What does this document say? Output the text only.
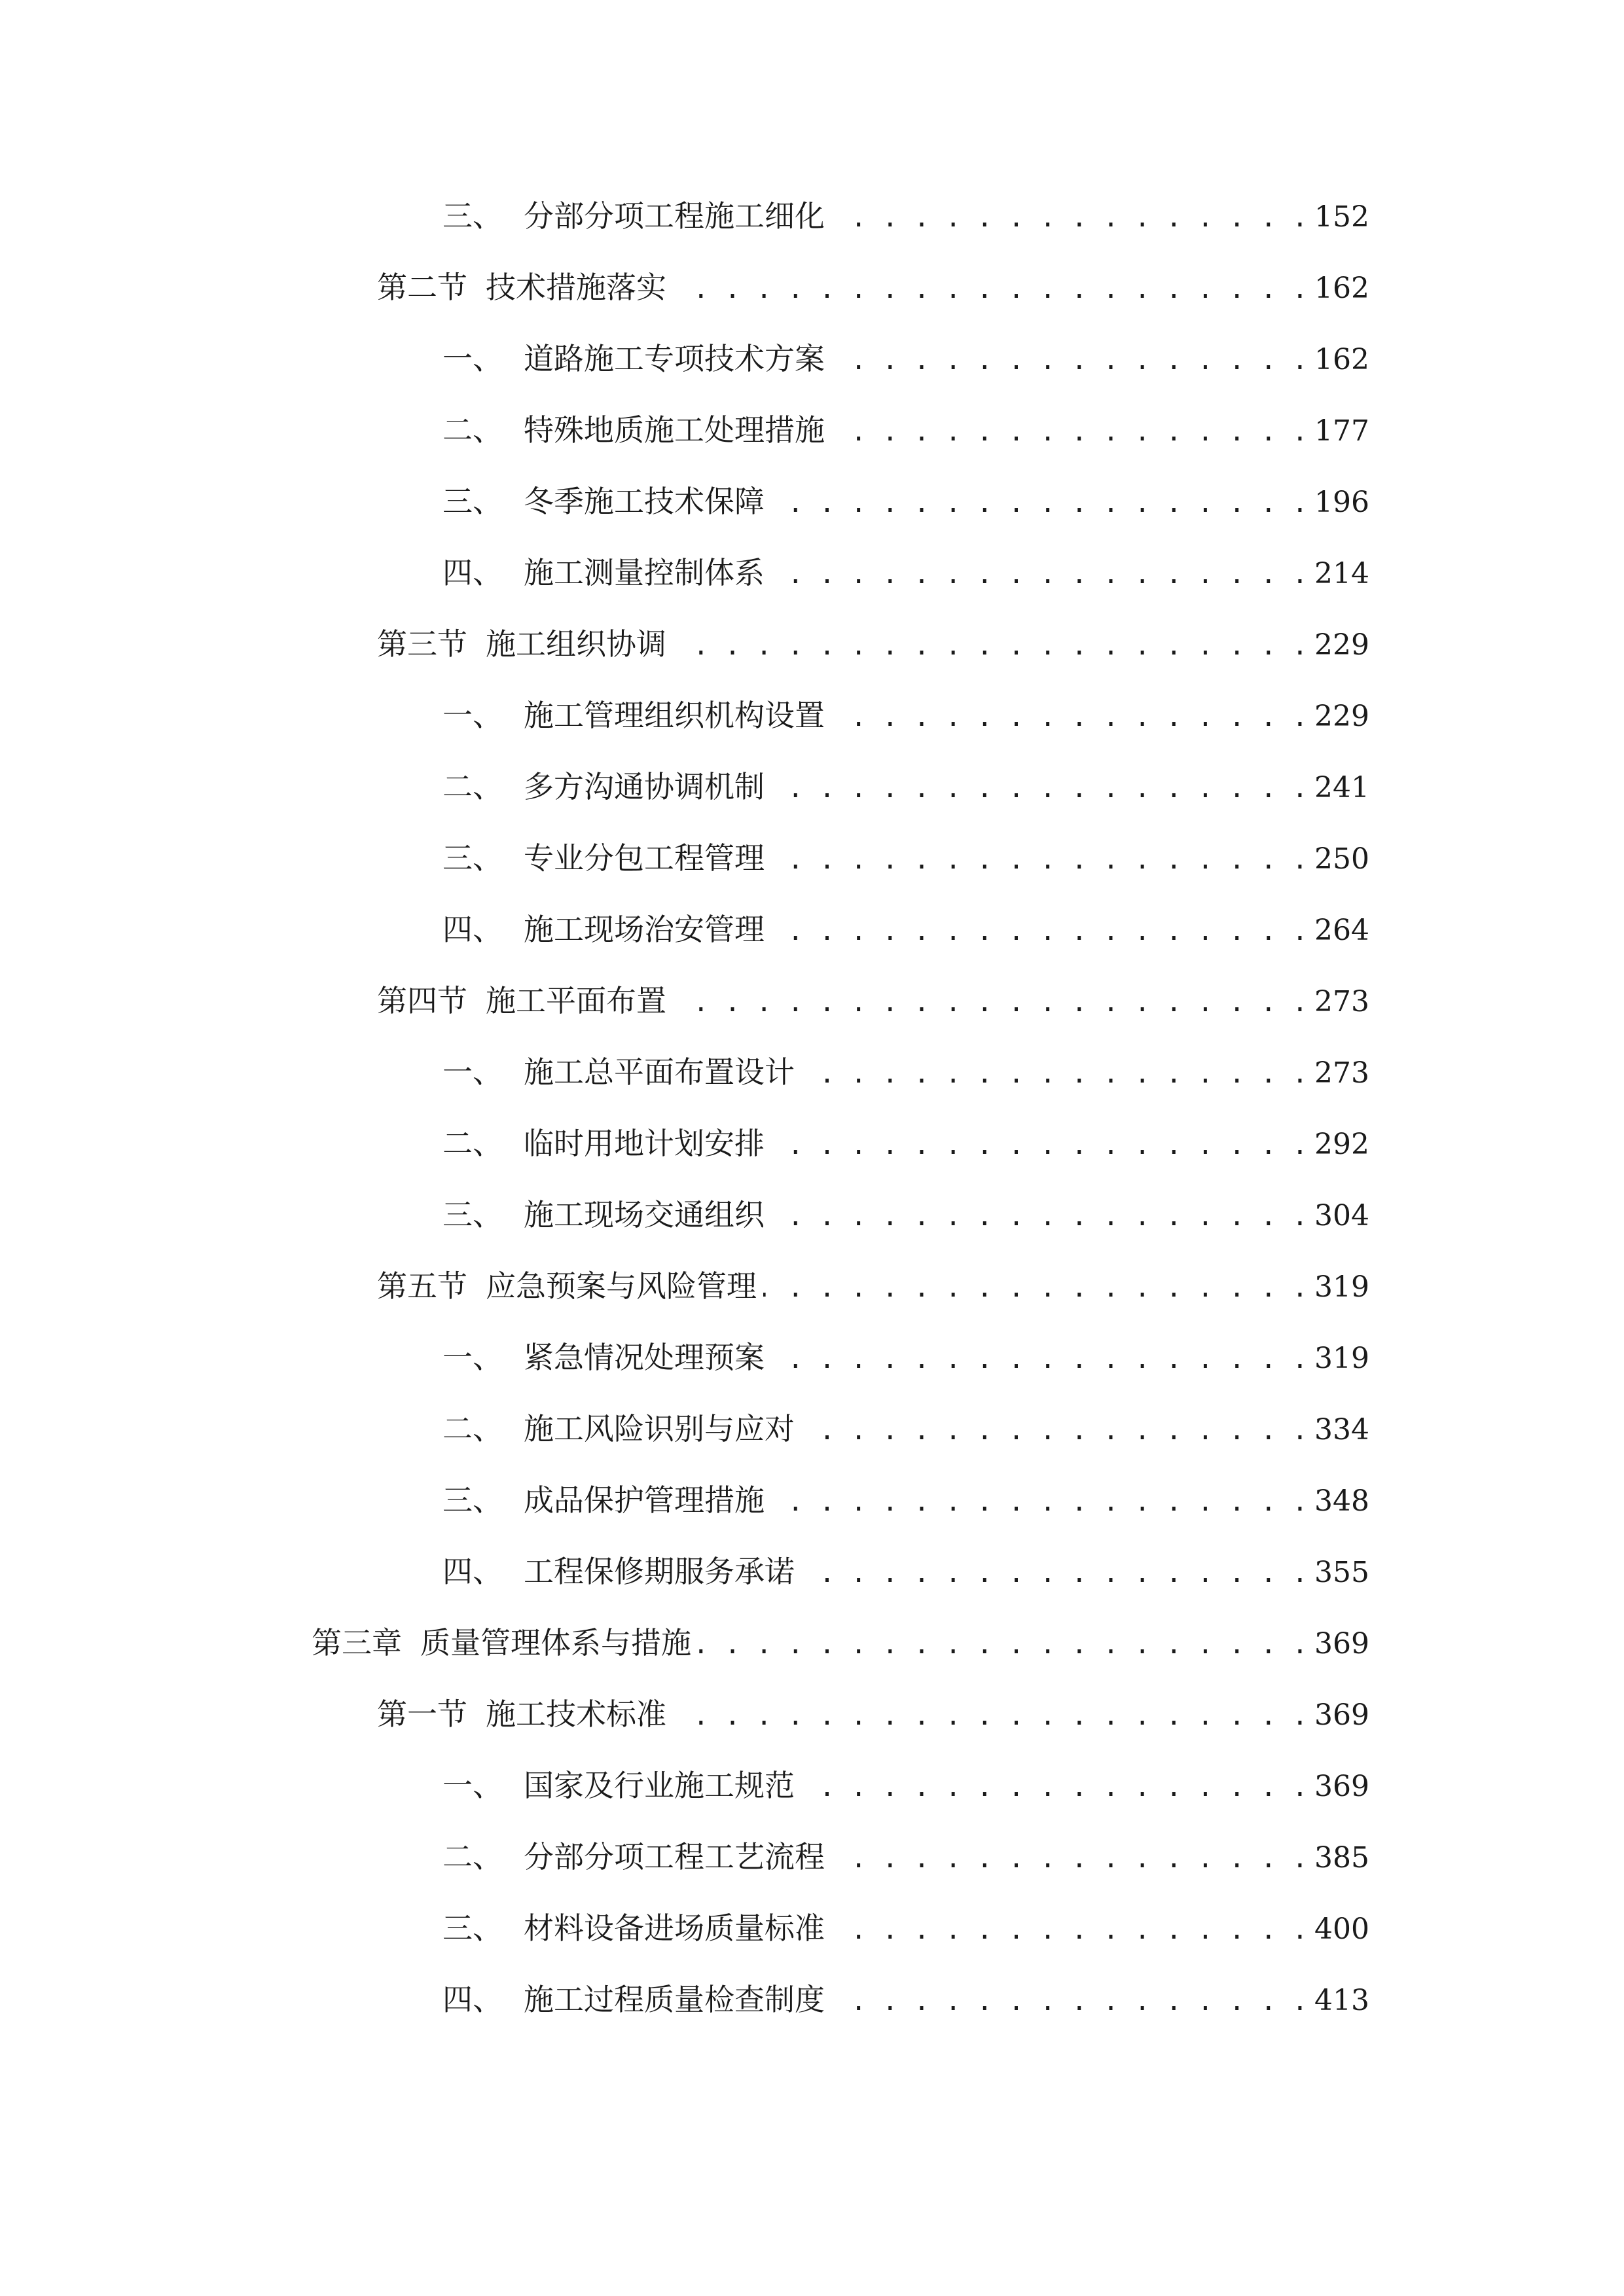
三、 分部分项工程施工细化 . . .	152
第二节 技术措施落实 . . .	162
一、 道路施工专项技术方案 . . .	162
二、 特殊地质施工处理措施 . . .	177
三、 冬季施工技术保障 . . .	196
四、 施工测量控制体系 . . .	214
第三节 施工组织协调 . . .	229
一、 施工管理组织机构设置 . . .	229
二、 多方沟通协调机制 . . .	241
三、 专业分包工程管理 . . .	250
四、 施工现场治安管理 . . .	264
第四节 施工平面布置 . . .	273
一、 施工总平面布置设计 . . .	273
二、 临时用地计划安排 . . .	292
三、 施工现场交通组织 . . .	304
第五节 应急预案与风险管理 . . .	319
一、 紧急情况处理预案 . . .	319
二、 施工风险识别与应对 . . .	334
三、 成品保护管理措施 . . .	348
四、 工程保修期服务承诺 . . .	355
第三章 质量管理体系与措施 . . .	369
第一节 施工技术标准 . . .	369
一、 国家及行业施工规范 . . .	369
二、 分部分项工程工艺流程 . . .	385
三、 材料设备进场质量标准 . . .	400
四、 施工过程质量检查制度 . . .	413
